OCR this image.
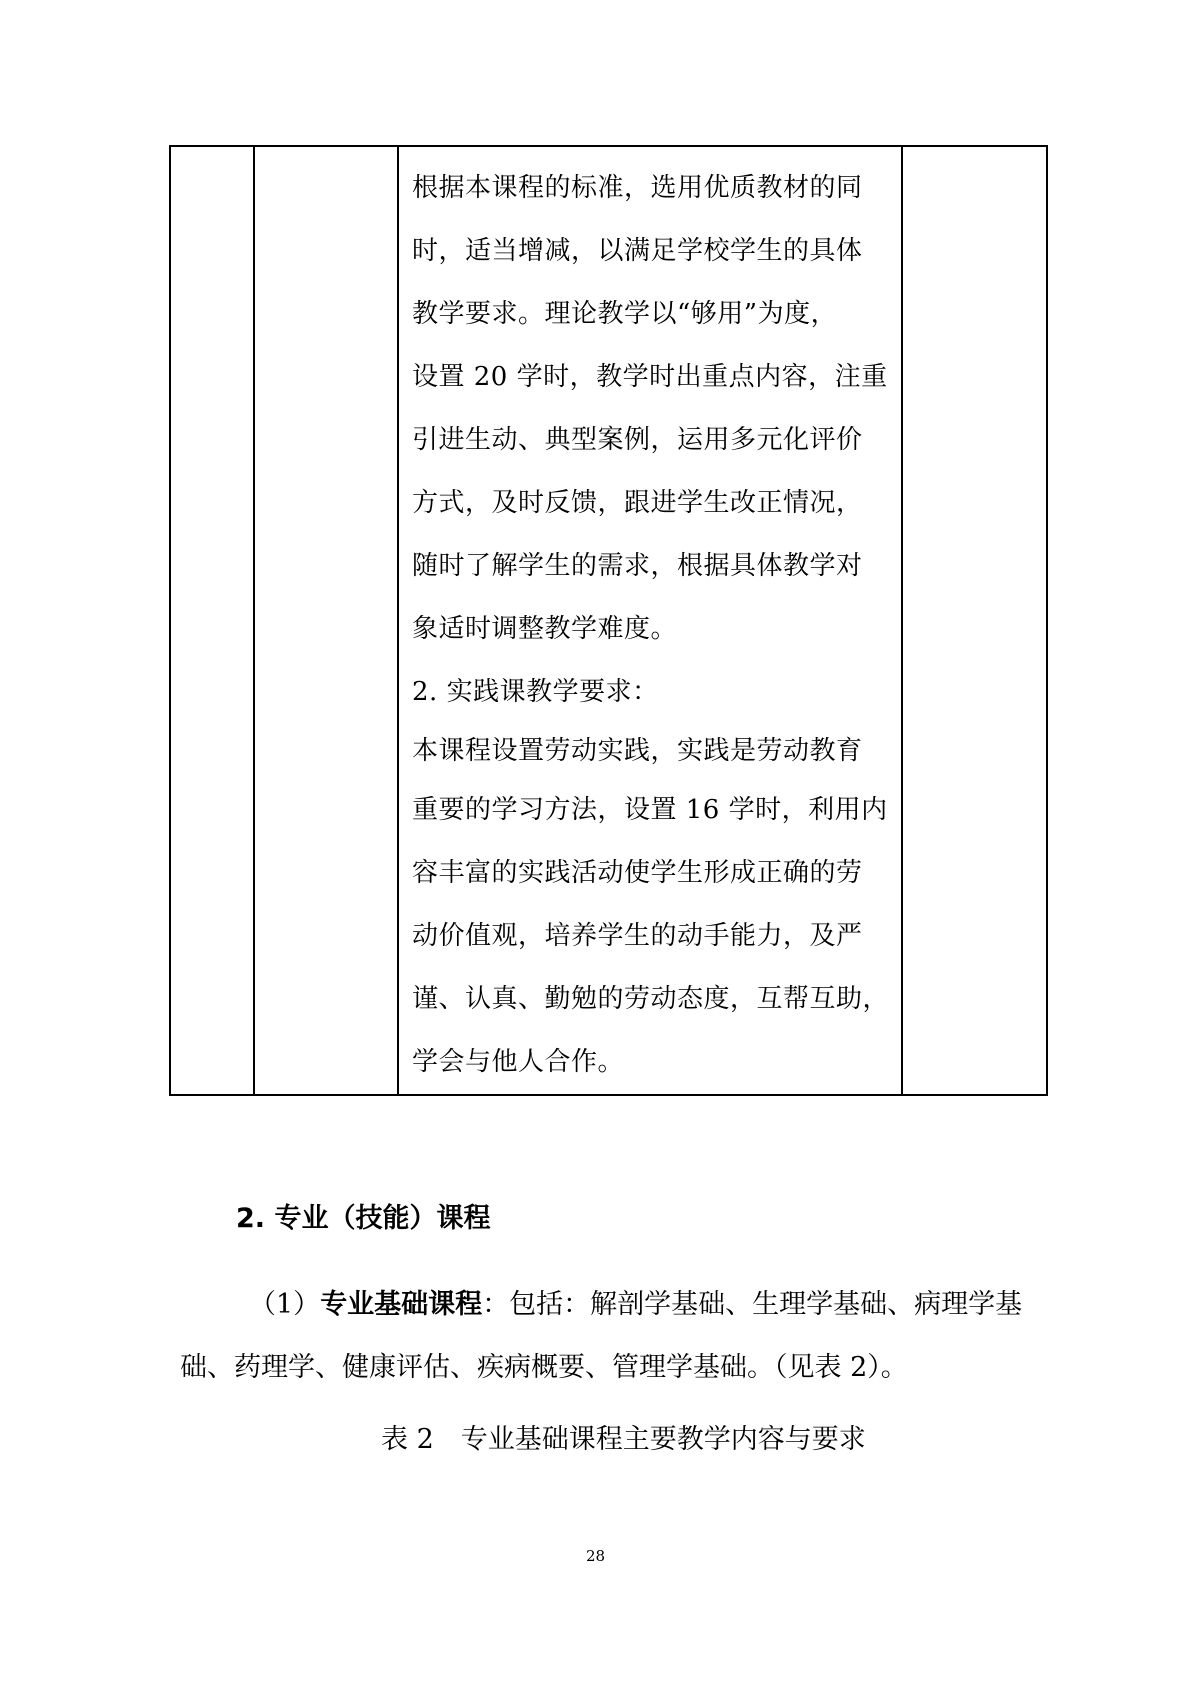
根据本课程的标准，选用优质教材的同
时，适当增减，以满足学校学生的具体
教学要求。理论教学以“够用”为度，
设置 20 学时，教学时出重点内容，注重
引进生动、典型案例，运用多元化评价
方式，及时反馈，跟进学生改正情况，
随时了解学生的需求，根据具体教学对
象适时调整教学难度。
2. 实践课教学要求：
本课程设置劳动实践，实践是劳动教育
重要的学习方法，设置 16 学时，利用内
容丰富的实践活动使学生形成正确的劳
动价值观，培养学生的动手能力，及严
谨、认真、勤勉的劳动态度，互帮互助，
学会与他人合作。

2. 专业（技能）课程
（1）专业基础课程：包括：解剖学基础、生理学基础、病理学基
础、药理学、健康评估、疾病概要、管理学基础。（见表 2）。
表 2　专业基础课程主要教学内容与要求
28
